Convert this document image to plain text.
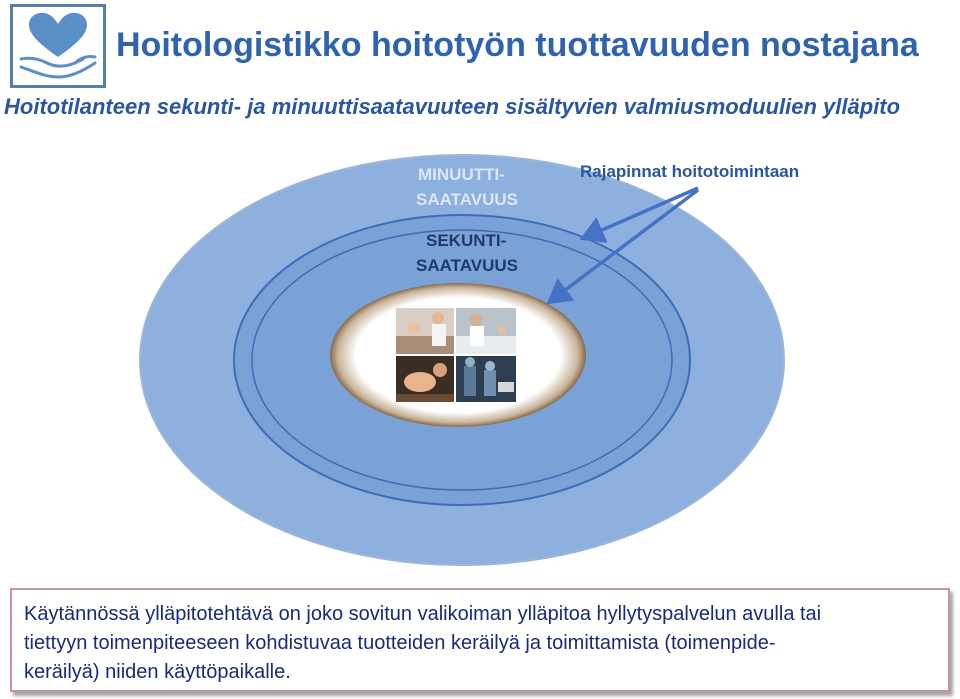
Hoitologistikko hoitotyön tuottavuuden nostajana
Hoitotilanteen sekunti- ja minuuttisaatavuuteen sisältyvien valmiusmoduulien ylläpito
MINUUTTI-
SAATAVUUS
SEKUNTI-
SAATAVUUS
Rajapinnat hoitotoimintaan
Käytännössä ylläpitotehtävä on joko sovitun valikoiman ylläpitoa hyllytyspalvelun avulla tai
tiettyyn toimenpiteeseen kohdistuvaa tuotteiden keräilyä ja toimittamista (toimenpide-
keräilyä) niiden käyttöpaikalle.
